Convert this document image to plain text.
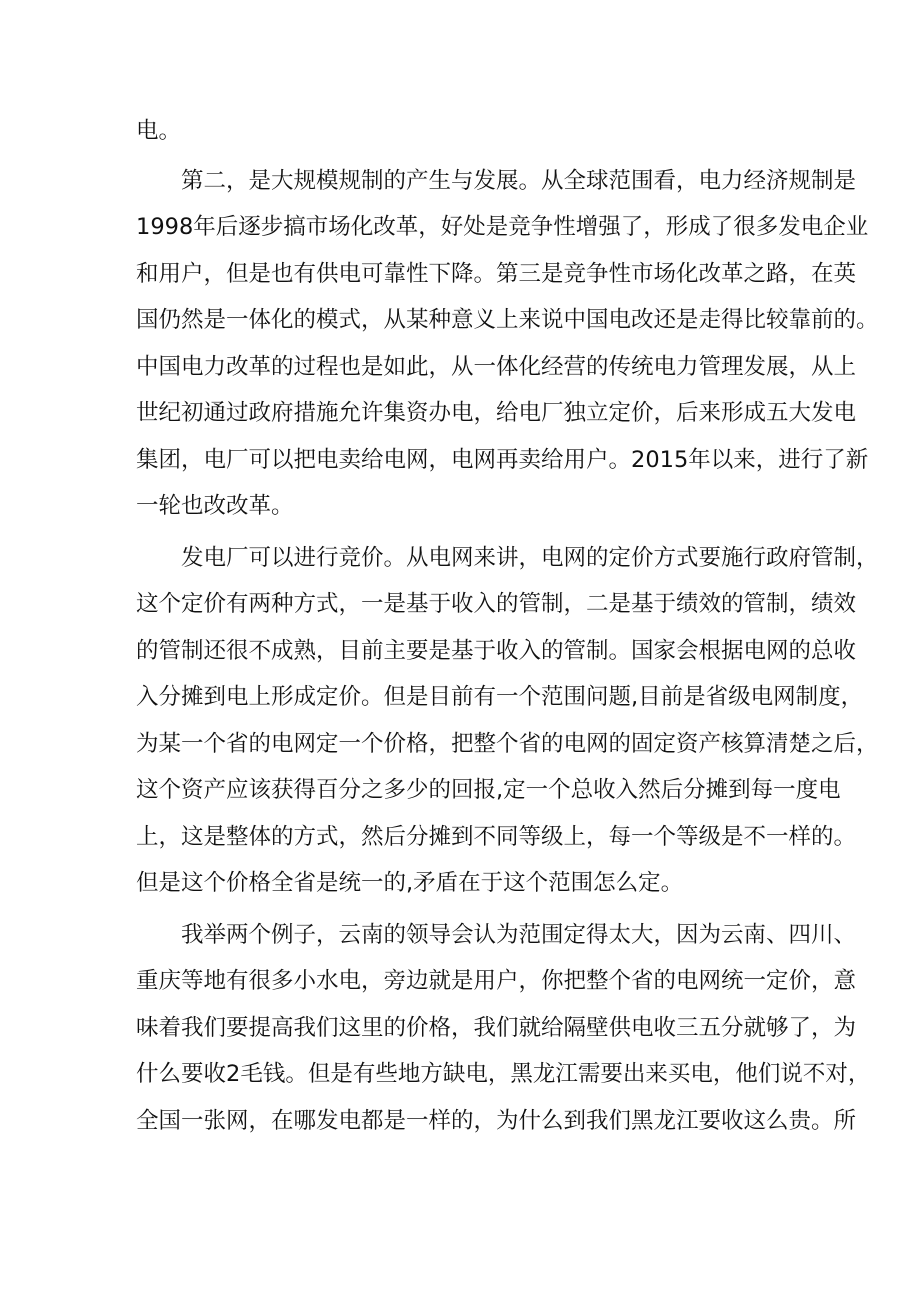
电。
第二，是大规模规制的产生与发展。从全球范围看，电力经济规制是
1998年后逐步搞市场化改革，好处是竞争性增强了，形成了很多发电企业
和用户，但是也有供电可靠性下降。第三是竞争性市场化改革之路，在英
国仍然是一体化的模式，从某种意义上来说中国电改还是走得比较靠前的。
中国电力改革的过程也是如此，从一体化经营的传统电力管理发展，从上
世纪初通过政府措施允许集资办电，给电厂独立定价，后来形成五大发电
集团，电厂可以把电卖给电网，电网再卖给用户。2015年以来，进行了新
一轮也改改革。
发电厂可以进行竞价。从电网来讲，电网的定价方式要施行政府管制，
这个定价有两种方式，一是基于收入的管制，二是基于绩效的管制，绩效
的管制还很不成熟，目前主要是基于收入的管制。国家会根据电网的总收
入分摊到电上形成定价。但是目前有一个范围问题,目前是省级电网制度，
为某一个省的电网定一个价格，把整个省的电网的固定资产核算清楚之后，
这个资产应该获得百分之多少的回报,定一个总收入然后分摊到每一度电
上，这是整体的方式，然后分摊到不同等级上，每一个等级是不一样的。
但是这个价格全省是统一的,矛盾在于这个范围怎么定。
我举两个例子，云南的领导会认为范围定得太大，因为云南、四川、
重庆等地有很多小水电，旁边就是用户，你把整个省的电网统一定价，意
味着我们要提高我们这里的价格，我们就给隔壁供电收三五分就够了，为
什么要收2毛钱。但是有些地方缺电，黑龙江需要出来买电，他们说不对，
全国一张网，在哪发电都是一样的，为什么到我们黑龙江要收这么贵。所
